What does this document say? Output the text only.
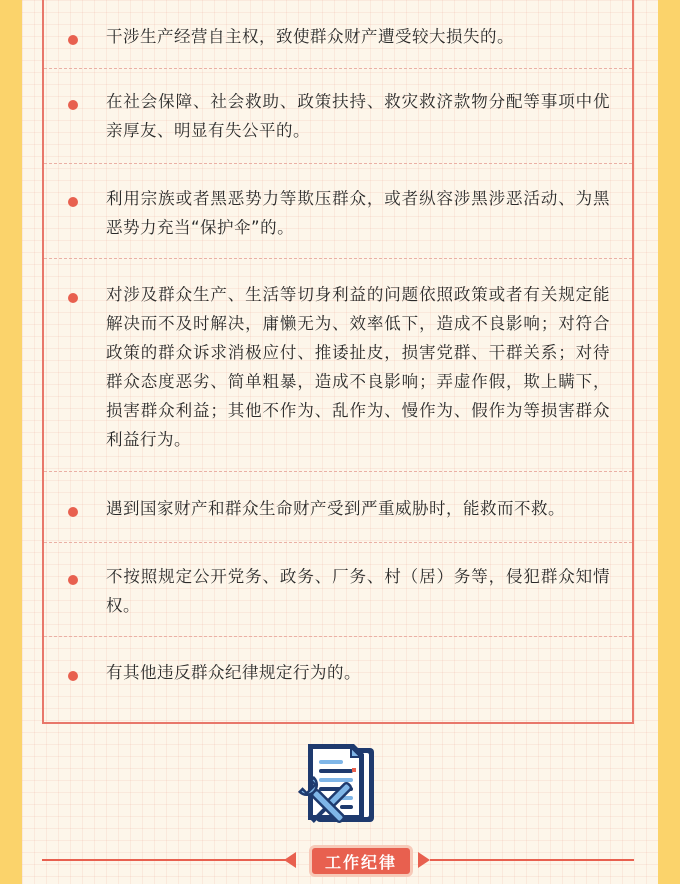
干涉生产经营自主权，致使群众财产遭受较大损失的。
在社会保障、社会救助、政策扶持、救灾救济款物分配等事项中优亲厚友、明显有失公平的。
利用宗族或者黑恶势力等欺压群众，或者纵容涉黑涉恶活动、为黑恶势力充当“保护伞”的。
对涉及群众生产、生活等切身利益的问题依照政策或者有关规定能解决而不及时解决，庸懒无为、效率低下，造成不良影响；对符合政策的群众诉求消极应付、推诿扯皮，损害党群、干群关系；对待群众态度恶劣、简单粗暴，造成不良影响；弄虚作假，欺上瞒下，损害群众利益；其他不作为、乱作为、慢作为、假作为等损害群众利益行为。
遇到国家财产和群众生命财产受到严重威胁时，能救而不救。
不按照规定公开党务、政务、厂务、村（居）务等，侵犯群众知情权。
有其他违反群众纪律规定行为的。
工作纪律
